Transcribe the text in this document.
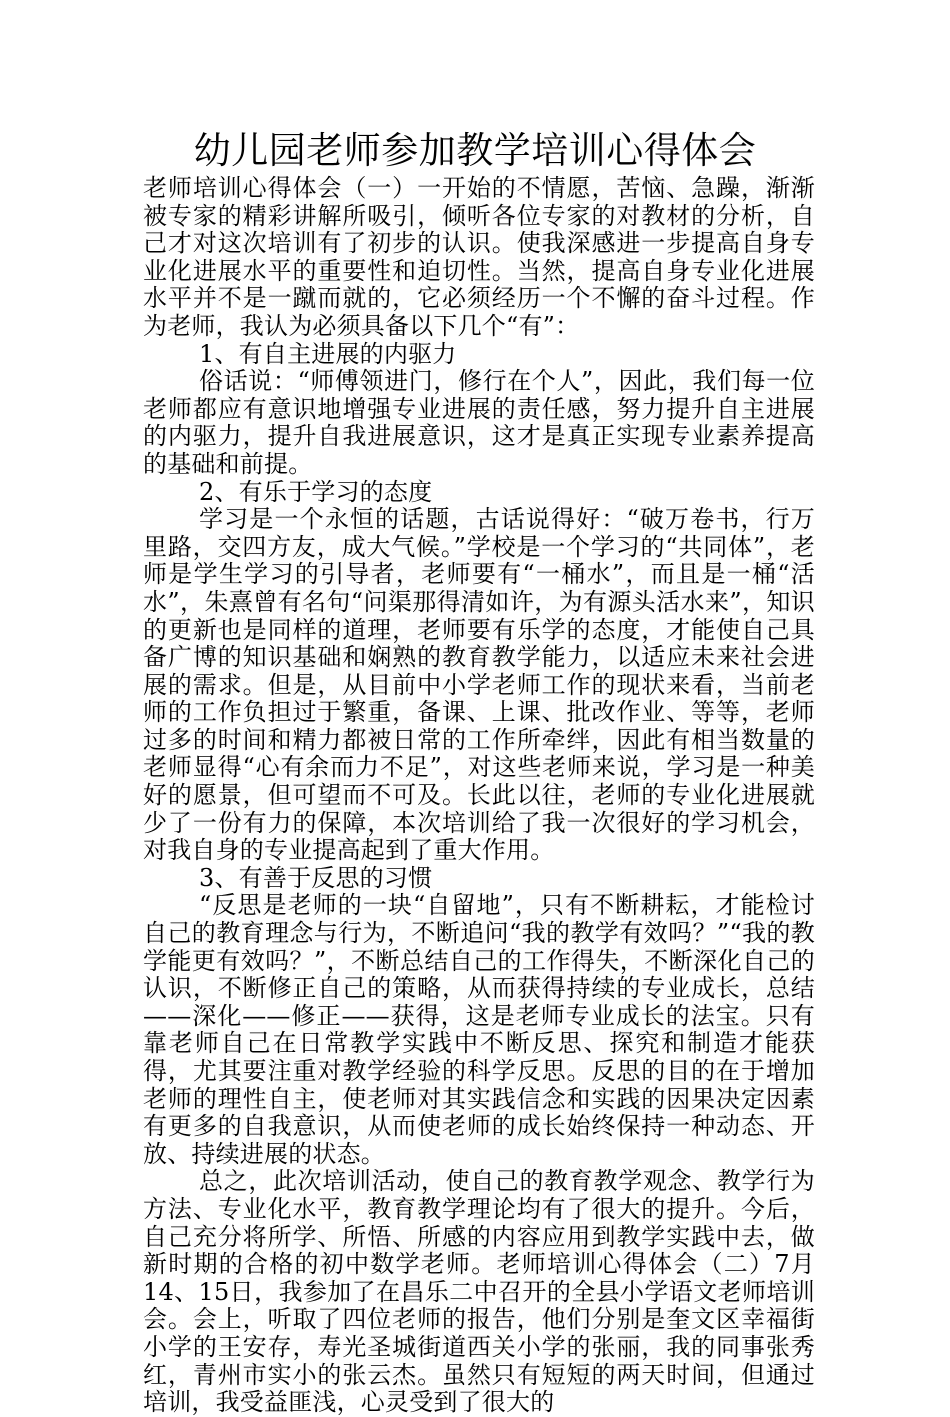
幼儿园老师参加教学培训心得体会

老师培训心得体会（一）一开始的不情愿，苦恼、急躁，渐渐被专家的精彩讲解所吸引，倾听各位专家的对教材的分析，自己才对这次培训有了初步的认识。使我深感进一步提高自身专业化进展水平的重要性和迫切性。当然，提高自身专业化进展水平并不是一蹴而就的，它必须经历一个不懈的奋斗过程。作为老师，我认为必须具备以下几个“有”：

1、有自主进展的内驱力

俗话说：“师傅领进门，修行在个人”，因此，我们每一位老师都应有意识地增强专业进展的责任感，努力提升自主进展的内驱力，提升自我进展意识，这才是真正实现专业素养提高的基础和前提。

2、有乐于学习的态度

学习是一个永恒的话题，古话说得好：“破万卷书，行万里路，交四方友，成大气候。”学校是一个学习的“共同体”，老师是学生学习的引导者，老师要有“一桶水”，而且是一桶“活水”，朱熹曾有名句“问渠那得清如许，为有源头活水来”，知识的更新也是同样的道理，老师要有乐学的态度，才能使自己具备广博的知识基础和娴熟的教育教学能力，以适应未来社会进展的需求。但是，从目前中小学老师工作的现状来看，当前老师的工作负担过于繁重，备课、上课、批改作业、等等，老师过多的时间和精力都被日常的工作所牵绊，因此有相当数量的老师显得“心有余而力不足”，对这些老师来说，学习是一种美好的愿景，但可望而不可及。长此以往，老师的专业化进展就少了一份有力的保障，本次培训给了我一次很好的学习机会，对我自身的专业提高起到了重大作用。

3、有善于反思的习惯

“反思是老师的一块“自留地”，只有不断耕耘，才能检讨自己的教育理念与行为，不断追问“我的教学有效吗？”“我的教学能更有效吗？”，不断总结自己的工作得失，不断深化自己的认识，不断修正自己的策略，从而获得持续的专业成长，总结——深化——修正——获得，这是老师专业成长的法宝。只有靠老师自己在日常教学实践中不断反思、探究和制造才能获得，尤其要注重对教学经验的科学反思。反思的目的在于增加老师的理性自主，使老师对其实践信念和实践的因果决定因素有更多的自我意识，从而使老师的成长始终保持一种动态、开放、持续进展的状态。

总之，此次培训活动，使自己的教育教学观念、教学行为方法、专业化水平，教育教学理论均有了很大的提升。今后，自己充分将所学、所悟、所感的内容应用到教学实践中去，做新时期的合格的初中数学老师。老师培训心得体会（二）7月14、15日，我参加了在昌乐二中召开的全县小学语文老师培训会。会上，听取了四位老师的报告，他们分别是奎文区幸福街小学的王安存，寿光圣城街道西关小学的张丽，我的同事张秀红，青州市实小的张云杰。虽然只有短短的两天时间，但通过培训，我受益匪浅，心灵受到了很大的
